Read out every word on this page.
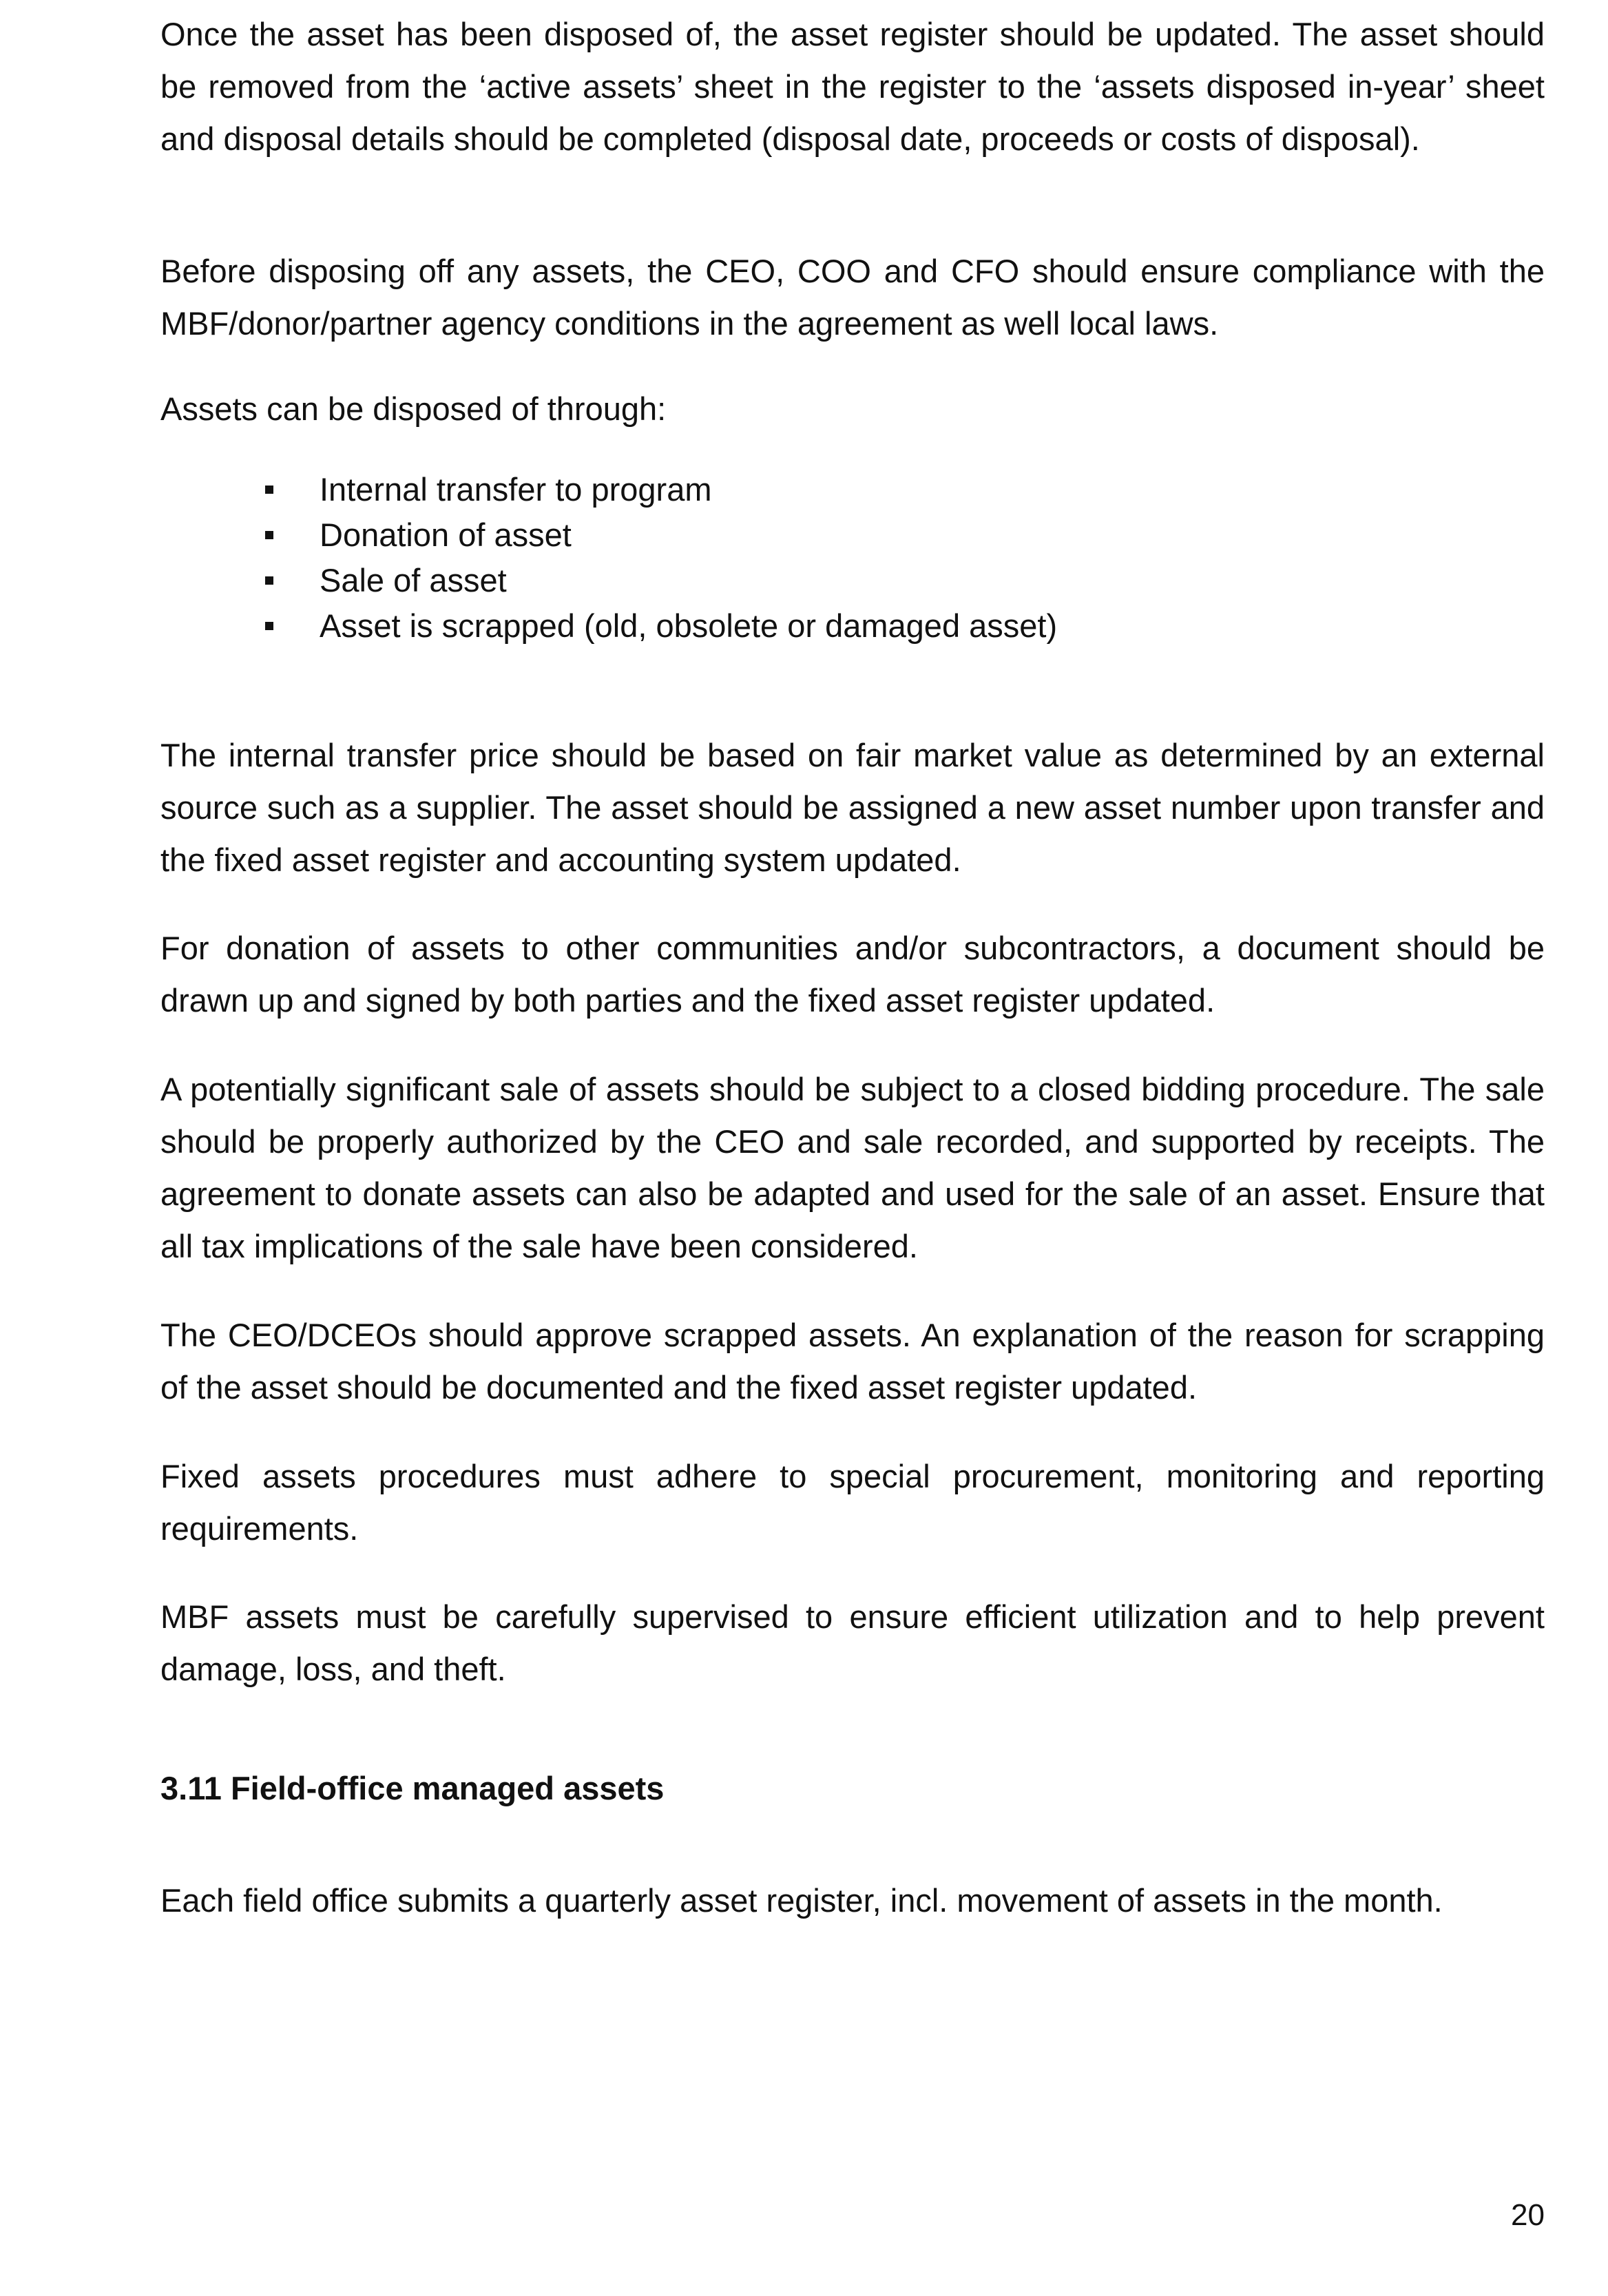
Once the asset has been disposed of, the asset register should be updated. The asset should be removed from the ‘active assets’ sheet in the register to the ‘assets disposed in-year’ sheet and disposal details should be completed (disposal date, proceeds or costs of disposal).

Before disposing off any assets, the CEO, COO and CFO should ensure compliance with the MBF/donor/partner agency conditions in the agreement as well local laws.

Assets can be disposed of through:

Internal transfer to program
Donation of asset
Sale of asset
Asset is scrapped (old, obsolete or damaged asset)

The internal transfer price should be based on fair market value as determined by an external source such as a supplier. The asset should be assigned a new asset number upon transfer and the fixed asset register and accounting system updated.

For donation of assets to other communities and/or subcontractors, a document should be drawn up and signed by both parties and the fixed asset register updated.

A potentially significant sale of assets should be subject to a closed bidding procedure. The sale should be properly authorized by the CEO and sale recorded, and supported by receipts. The agreement to donate assets can also be adapted and used for the sale of an asset. Ensure that all tax implications of the sale have been considered.

The CEO/DCEOs should approve scrapped assets. An explanation of the reason for scrapping of the asset should be documented and the fixed asset register updated.

Fixed assets procedures must adhere to special procurement, monitoring and reporting requirements.

MBF assets must be carefully supervised to ensure efficient utilization and to help prevent damage, loss, and theft.

3.11 Field-office managed assets

Each field office submits a quarterly asset register, incl. movement of assets in the month.

20
